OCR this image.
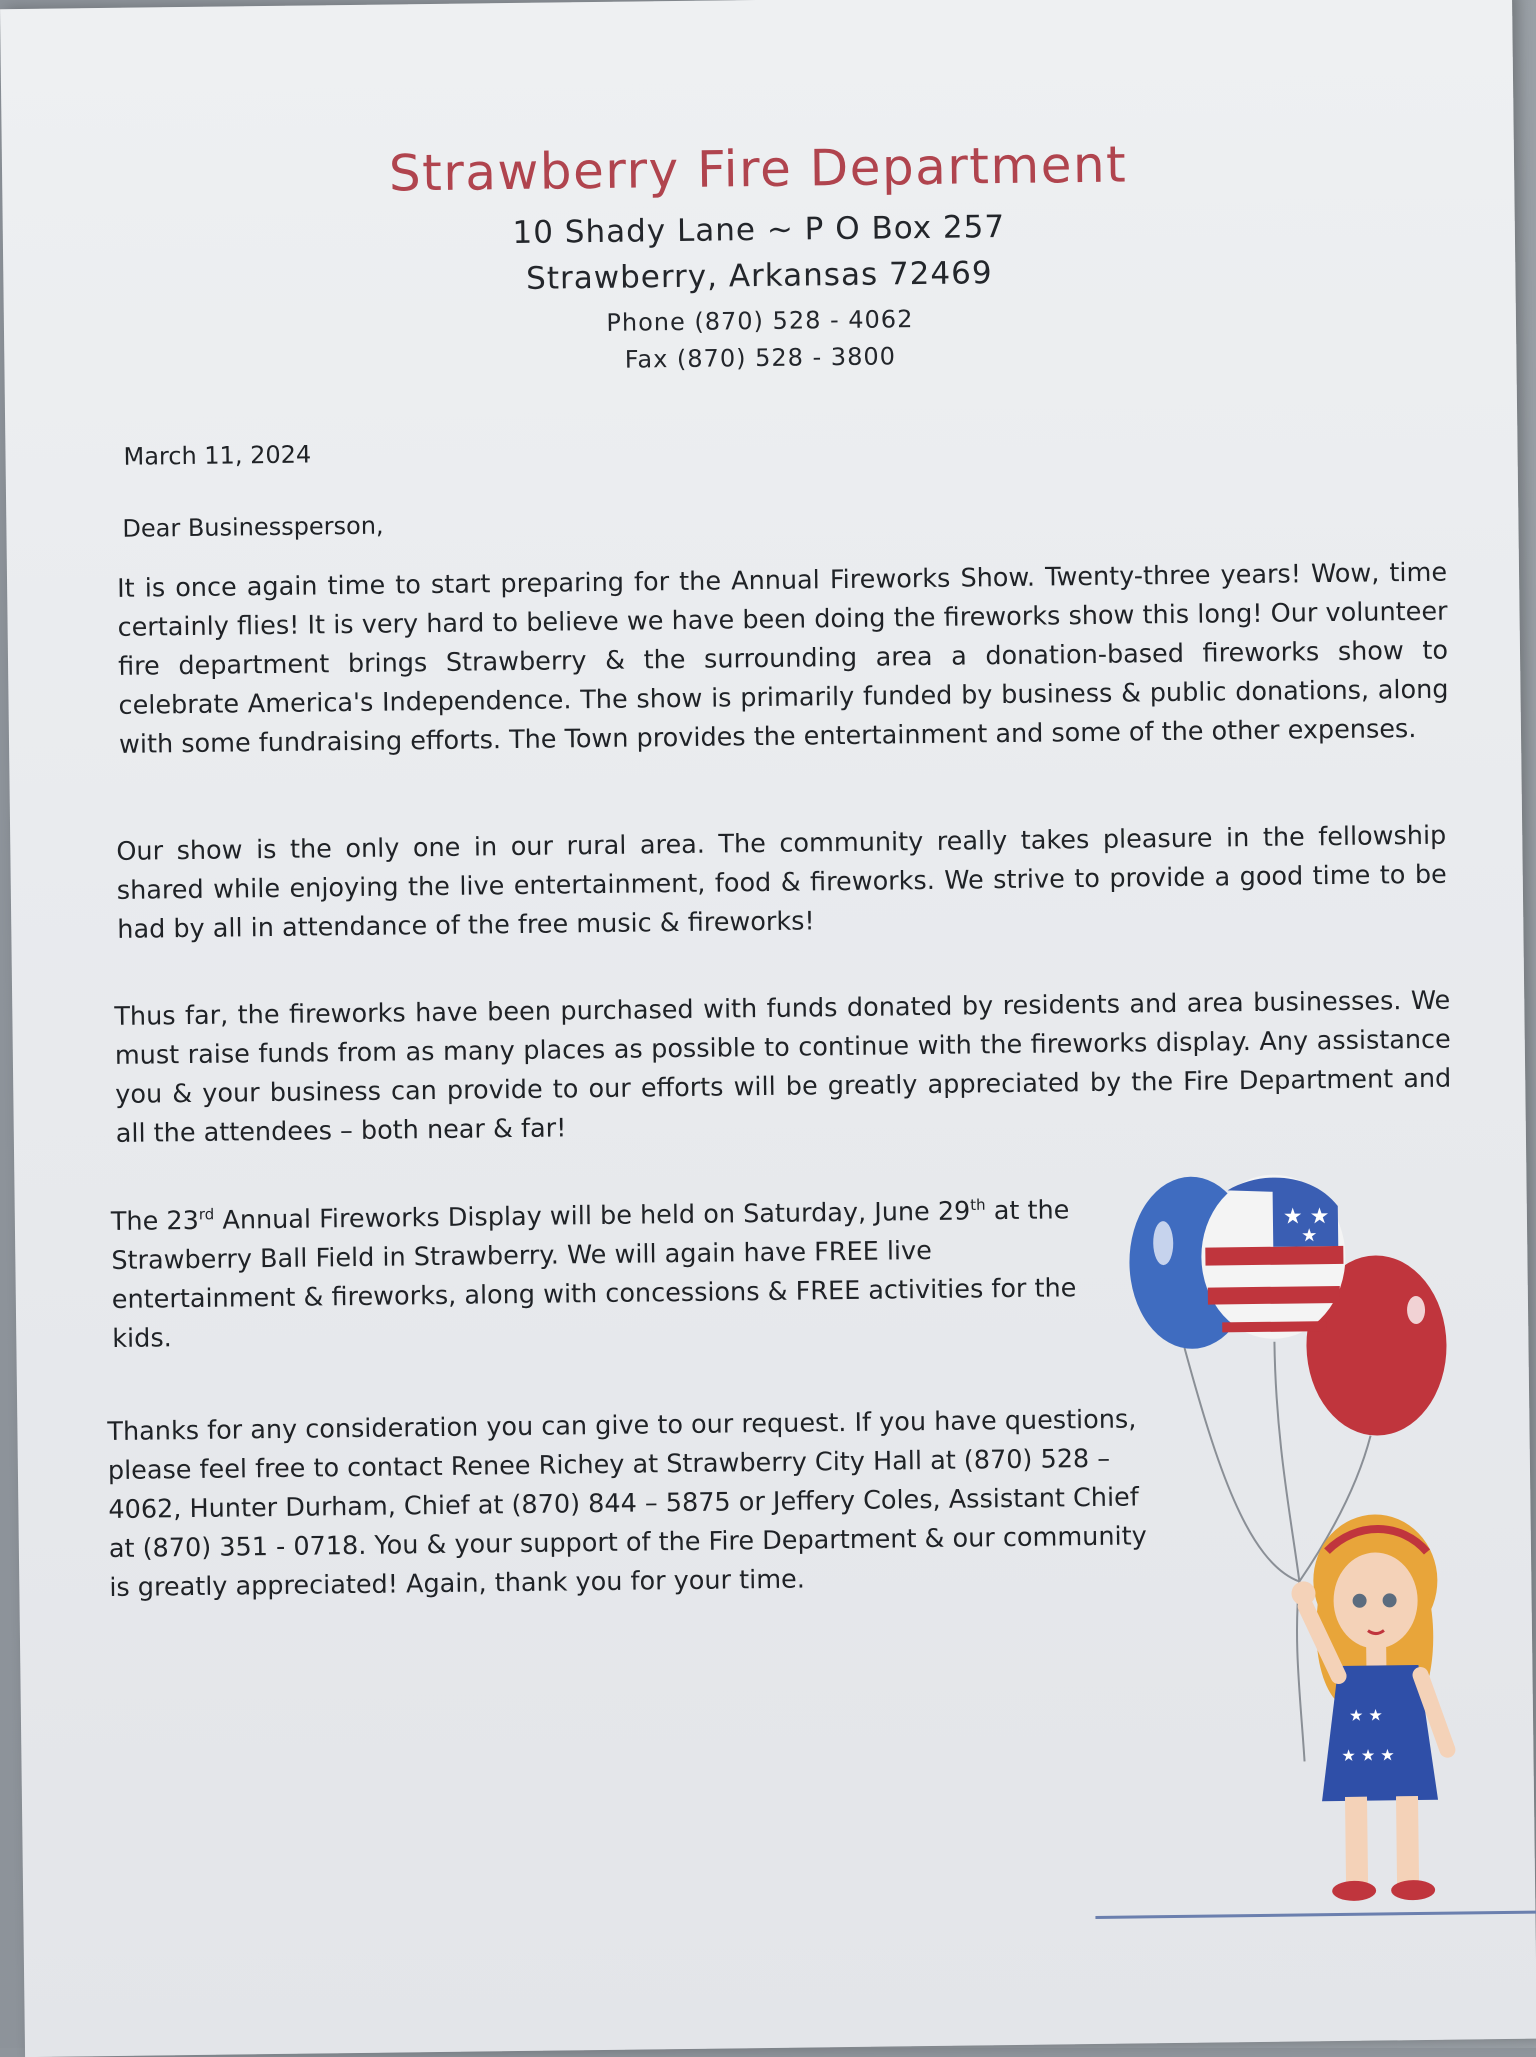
Strawberry Fire Department
10 Shady Lane ~ P O Box 257
Strawberry, Arkansas 72469
Phone (870) 528 - 4062
Fax (870) 528 - 3800
March 11, 2024
Dear Businessperson,
It is once again time to start preparing for the Annual Fireworks Show. Twenty-three years! Wow, time certainly flies! It is very hard to believe we have been doing the fireworks show this long! Our volunteer fire department brings Strawberry & the surrounding area a donation-based fireworks show to celebrate America's Independence. The show is primarily funded by business & public donations, along with some fundraising efforts. The Town provides the entertainment and some of the other expenses.
Our show is the only one in our rural area. The community really takes pleasure in the fellowship shared while enjoying the live entertainment, food & fireworks. We strive to provide a good time to be had by all in attendance of the free music & fireworks!
Thus far, the fireworks have been purchased with funds donated by residents and area businesses. We must raise funds from as many places as possible to continue with the fireworks display. Any assistance you & your business can provide to our efforts will be greatly appreciated by the Fire Department and all the attendees – both near & far!
The 23rd Annual Fireworks Display will be held on Saturday, June 29th at the Strawberry Ball Field in Strawberry. We will again have FREE live entertainment & fireworks, along with concessions & FREE activities for the kids.
Thanks for any consideration you can give to our request. If you have questions, please feel free to contact Renee Richey at Strawberry City Hall at (870) 528 – 4062, Hunter Durham, Chief at (870) 844 – 5875 or Jeffery Coles, Assistant Chief at (870) 351 - 0718. You & your support of the Fire Department & our community is greatly appreciated! Again, thank you for your time.
★ ★
★
★ ★
★ ★ ★
